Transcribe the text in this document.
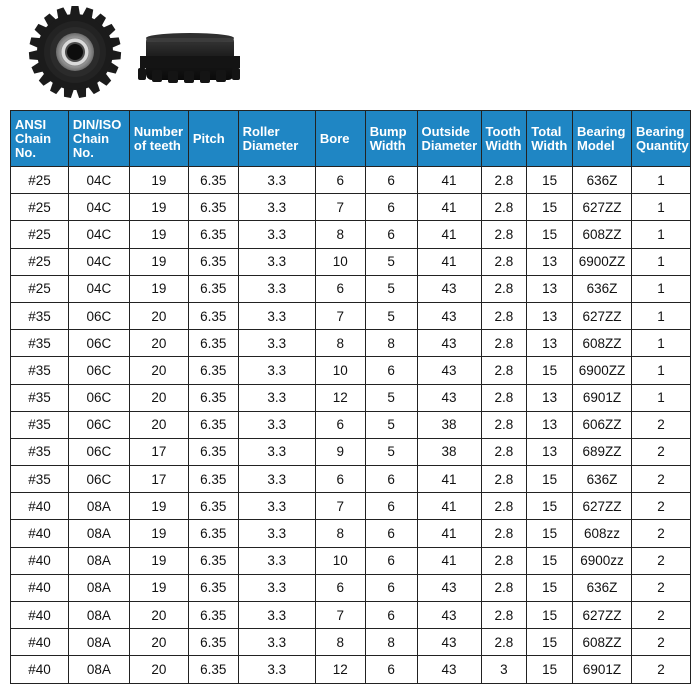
ANSI Chain No.	DIN/ISO Chain No.	Number of teeth	Pitch	Roller Diameter	Bore	Bump Width	Outside Diameter	Tooth Width	Total Width	Bearing Model	Bearing Quantity
#25	04C	19	6.35	3.3	6	6	41	2.8	15	636Z	1
#25	04C	19	6.35	3.3	7	6	41	2.8	15	627ZZ	1
#25	04C	19	6.35	3.3	8	6	41	2.8	15	608ZZ	1
#25	04C	19	6.35	3.3	10	5	41	2.8	13	6900ZZ	1
#25	04C	19	6.35	3.3	6	5	43	2.8	13	636Z	1
#35	06C	20	6.35	3.3	7	5	43	2.8	13	627ZZ	1
#35	06C	20	6.35	3.3	8	8	43	2.8	13	608ZZ	1
#35	06C	20	6.35	3.3	10	6	43	2.8	15	6900ZZ	1
#35	06C	20	6.35	3.3	12	5	43	2.8	13	6901Z	1
#35	06C	20	6.35	3.3	6	5	38	2.8	13	606ZZ	2
#35	06C	17	6.35	3.3	9	5	38	2.8	13	689ZZ	2
#35	06C	17	6.35	3.3	6	6	41	2.8	15	636Z	2
#40	08A	19	6.35	3.3	7	6	41	2.8	15	627ZZ	2
#40	08A	19	6.35	3.3	8	6	41	2.8	15	608zz	2
#40	08A	19	6.35	3.3	10	6	41	2.8	15	6900zz	2
#40	08A	19	6.35	3.3	6	6	43	2.8	15	636Z	2
#40	08A	20	6.35	3.3	7	6	43	2.8	15	627ZZ	2
#40	08A	20	6.35	3.3	8	8	43	2.8	15	608ZZ	2
#40	08A	20	6.35	3.3	12	6	43	3	15	6901Z	2
